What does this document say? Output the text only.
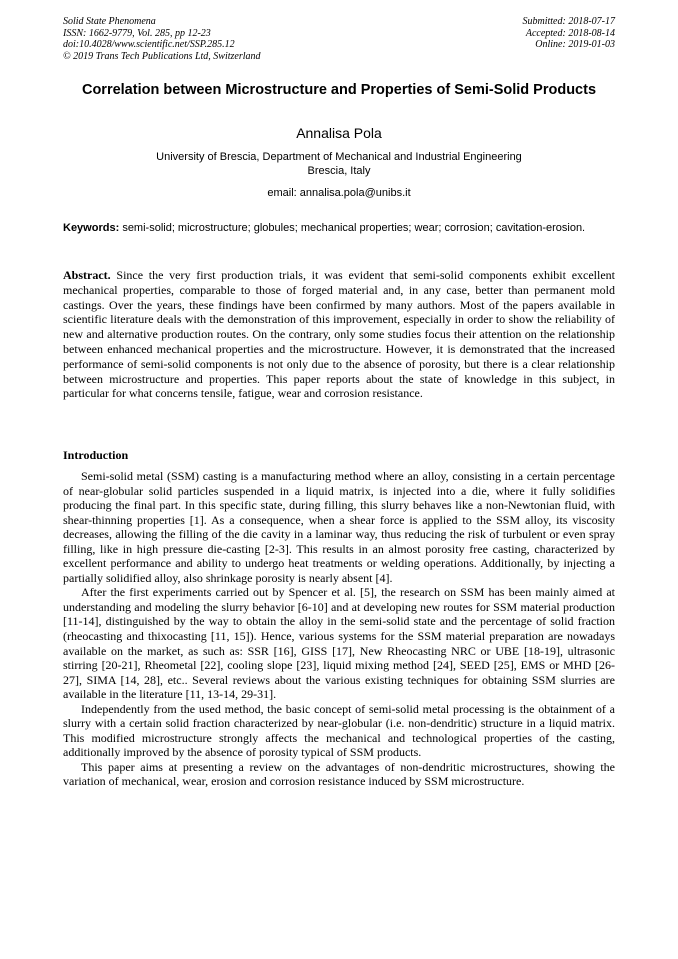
Solid State Phenomena
ISSN: 1662-9779, Vol. 285, pp 12-23
doi:10.4028/www.scientific.net/SSP.285.12
© 2019 Trans Tech Publications Ltd, Switzerland
Submitted: 2018-07-17
Accepted: 2018-08-14
Online: 2019-01-03
Correlation between Microstructure and Properties of Semi-Solid Products
Annalisa Pola
University of Brescia, Department of Mechanical and Industrial Engineering
Brescia, Italy
email: annalisa.pola@unibs.it
Keywords: semi-solid; microstructure; globules; mechanical properties; wear; corrosion; cavitation-erosion.
Abstract. Since the very first production trials, it was evident that semi-solid components exhibit excellent mechanical properties, comparable to those of forged material and, in any case, better than permanent mold castings. Over the years, these findings have been confirmed by many authors. Most of the papers available in scientific literature deals with the demonstration of this improvement, especially in order to show the reliability of new and alternative production routes. On the contrary, only some studies focus their attention on the relationship between enhanced mechanical properties and the microstructure. However, it is demonstrated that the increased performance of semi-solid components is not only due to the absence of porosity, but there is a clear relationship between microstructure and properties. This paper reports about the state of knowledge in this subject, in particular for what concerns tensile, fatigue, wear and corrosion resistance.
Introduction

Semi-solid metal (SSM) casting is a manufacturing method where an alloy, consisting in a certain percentage of near-globular solid particles suspended in a liquid matrix, is injected into a die, where it fully solidifies producing the final part. In this specific state, during filling, this slurry behaves like a non-Newtonian fluid, with shear-thinning properties [1]. As a consequence, when a shear force is applied to the SSM alloy, its viscosity decreases, allowing the filling of the die cavity in a laminar way, thus reducing the risk of turbulent or even spray filling, like in high pressure die-casting [2-3]. This results in an almost porosity free casting, characterized by excellent performance and ability to undergo heat treatments or welding operations. Additionally, by injecting a partially solidified alloy, also shrinkage porosity is nearly absent [4].

After the first experiments carried out by Spencer et al. [5], the research on SSM has been mainly aimed at understanding and modeling the slurry behavior [6-10] and at developing new routes for SSM material production [11-14], distinguished by the way to obtain the alloy in the semi-solid state and the percentage of solid fraction (rheocasting and thixocasting [11, 15]). Hence, various systems for the SSM material preparation are nowadays available on the market, as such as: SSR [16], GISS [17], New Rheocasting NRC or UBE [18-19], ultrasonic stirring [20-21], Rheometal [22], cooling slope [23], liquid mixing method [24], SEED [25], EMS or MHD [26-27], SIMA [14, 28], etc.. Several reviews about the various existing techniques for obtaining SSM slurries are available in the literature [11, 13-14, 29-31].

Independently from the used method, the basic concept of semi-solid metal processing is the obtainment of a slurry with a certain solid fraction characterized by near-globular (i.e. non-dendritic) structure in a liquid matrix. This modified microstructure strongly affects the mechanical and technological properties of the casting, additionally improved by the absence of porosity typical of SSM products.

This paper aims at presenting a review on the advantages of non-dendritic microstructures, showing the variation of mechanical, wear, erosion and corrosion resistance induced by SSM microstructure.
